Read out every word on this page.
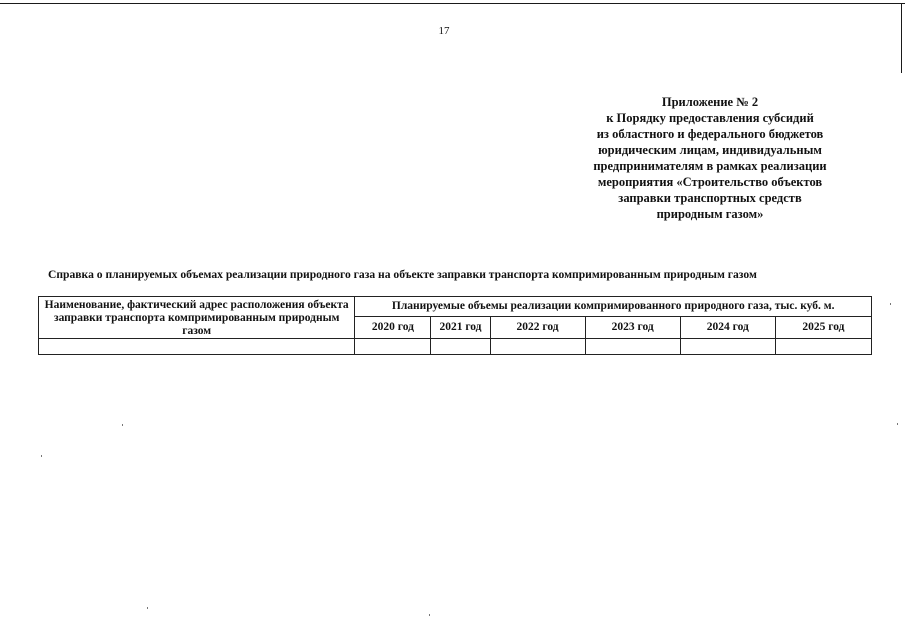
17
Приложение № 2
к Порядку предоставления субсидий
из областного и федерального бюджетов
юридическим лицам, индивидуальным
предпринимателям в рамках реализации
мероприятия «Строительство объектов
заправки транспортных средств
природным газом»
Справка о планируемых объемах реализации природного газа на объекте заправки транспорта компримированным природным газом
Наименование, фактический адрес расположения объекта заправки транспорта компримированным природным газом	Планируемые объемы реализации компримированного природного газа, тыс. куб. м.					
	2020 год	2021 год	2022 год	2023 год	2024 год	2025 год
